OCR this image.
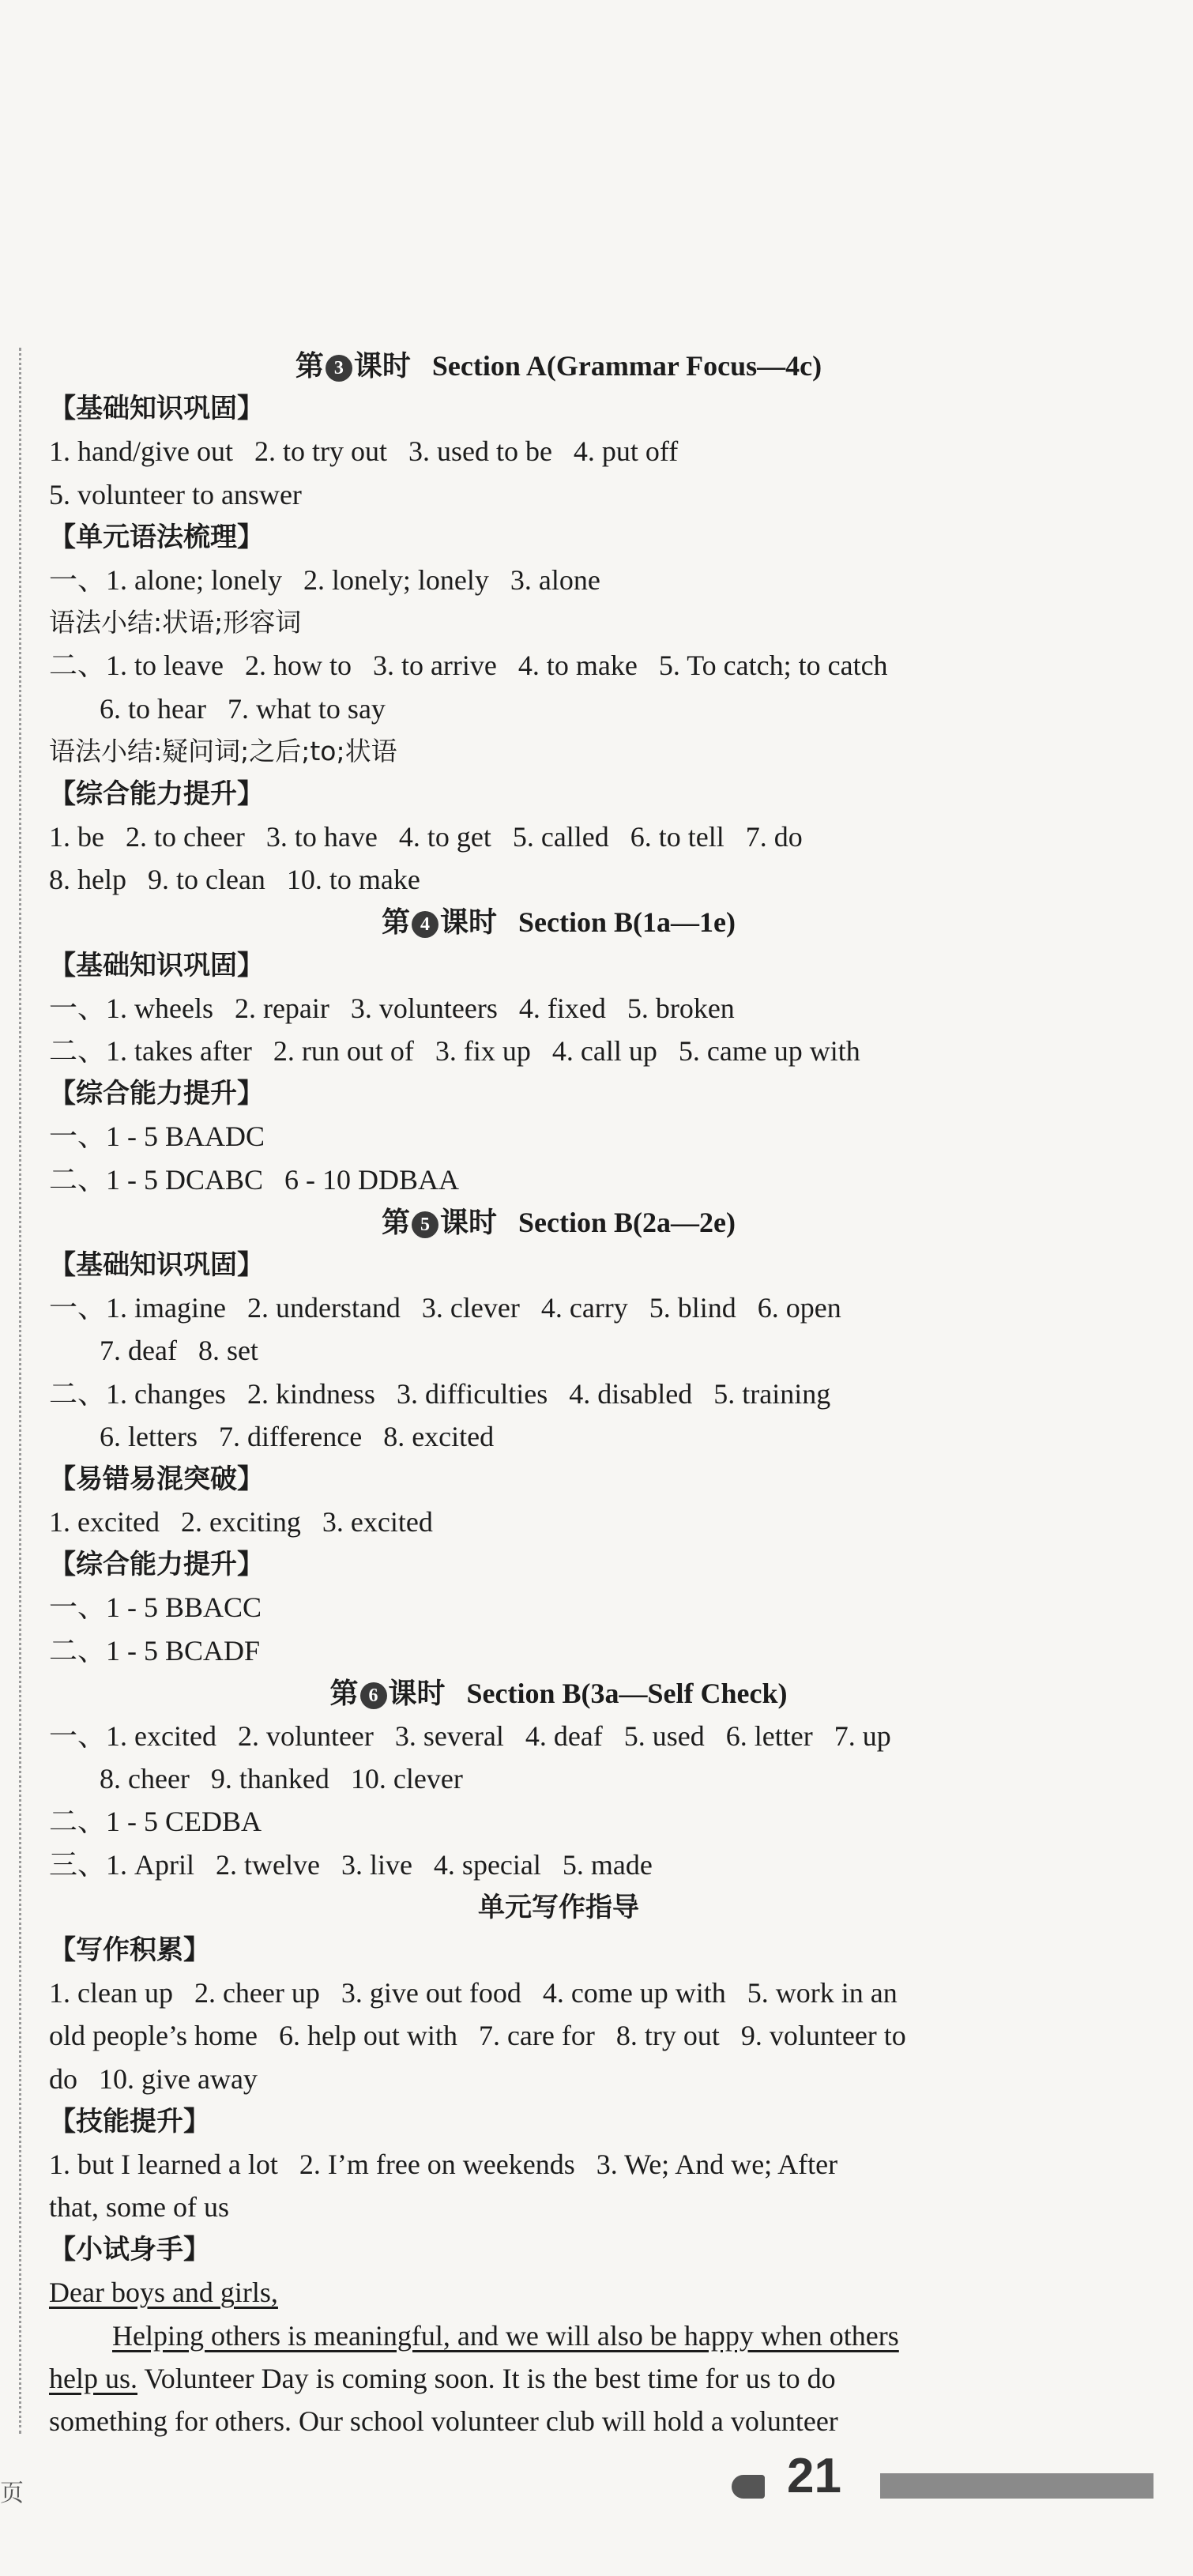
第 3 课时   Section A(Grammar Focus—4c)
【基础知识巩固】
1. hand/give out   2. to try out   3. used to be   4. put off
5. volunteer to answer
【单元语法梳理】
一、1. alone; lonely   2. lonely; lonely   3. alone
语法小结:状语;形容词
二、1. to leave   2. how to   3. to arrive   4. to make   5. To catch; to catch
6. to hear   7. what to say
语法小结:疑问词;之后;to;状语
【综合能力提升】
1. be   2. to cheer   3. to have   4. to get   5. called   6. to tell   7. do
8. help   9. to clean   10. to make
第 4 课时   Section B(1a—1e)
【基础知识巩固】
一、1. wheels   2. repair   3. volunteers   4. fixed   5. broken
二、1. takes after   2. run out of   3. fix up   4. call up   5. came up with
【综合能力提升】
一、1 - 5 BAADC
二、1 - 5 DCABC   6 - 10 DDBAA
第 5 课时   Section B(2a—2e)
【基础知识巩固】
一、1. imagine   2. understand   3. clever   4. carry   5. blind   6. open
7. deaf   8. set
二、1. changes   2. kindness   3. difficulties   4. disabled   5. training
6. letters   7. difference   8. excited
【易错易混突破】
1. excited   2. exciting   3. excited
【综合能力提升】
一、1 - 5 BBACC
二、1 - 5 BCADF
第 6 课时   Section B(3a—Self Check)
一、1. excited   2. volunteer   3. several   4. deaf   5. used   6. letter   7. up
8. cheer   9. thanked   10. clever
二、1 - 5 CEDBA
三、1. April   2. twelve   3. live   4. special   5. made
单元写作指导
【写作积累】
1. clean up   2. cheer up   3. give out food   4. come up with   5. work in an
old people’s home   6. help out with   7. care for   8. try out   9. volunteer to
do   10. give away
【技能提升】
1. but I learned a lot   2. I’m free on weekends   3. We; And we; After
that, some of us
【小试身手】
Dear boys and girls,
Helping others is meaningful, and we will also be happy when others
help us. Volunteer Day is coming soon. It is the best time for us to do
something for others. Our school volunteer club will hold a volunteer
页	21
